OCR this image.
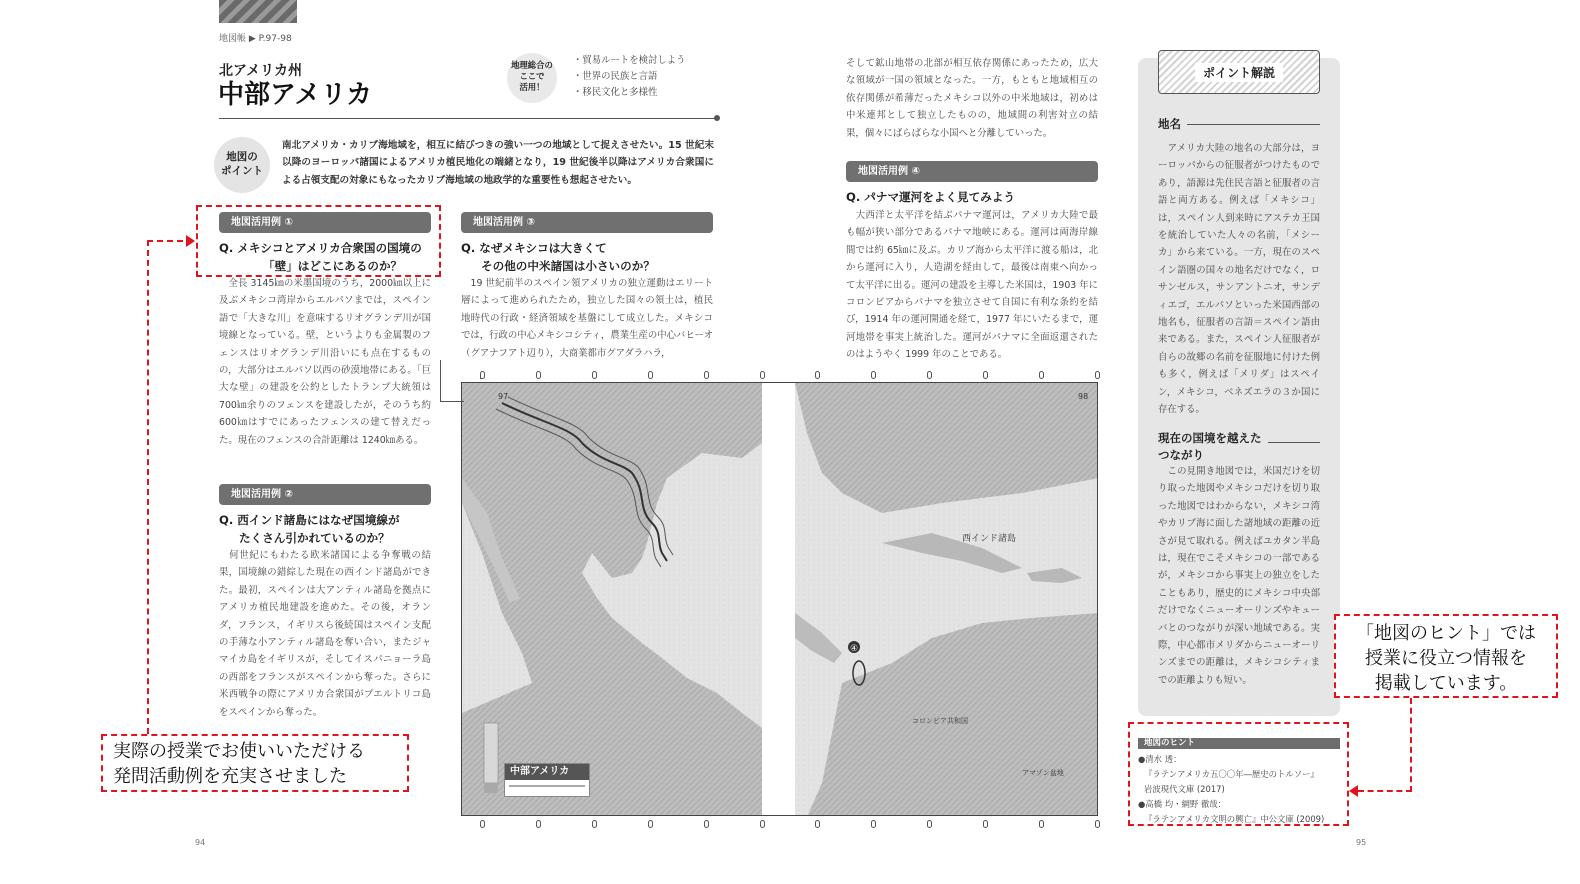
地図帳 ▶ P.97-98
北アメリカ州
中部アメリカ
地理総合の
ここで
活用！
・貿易ルートを検討しよう
・世界の民族と言語
・移民文化と多様性
地図の
ポイント
南北アメリカ・カリブ海地域を，相互に結びつきの強い一つの地域として捉えさせたい。15 世紀末以降のヨーロッパ諸国によるアメリカ植民地化の端緒となり，19 世紀後半以降はアメリカ合衆国による占領支配の対象にもなったカリブ海地域の地政学的な重要性も想起させたい。
地図活用例 ①
Q. メキシコとアメリカ合衆国の国境の
「壁」はどこにあるのか？
　全長 3145㎞の米墨国境のうち，2000㎞以上に及ぶメキシコ湾岸からエルパソまでは，スペイン語で「大きな川」を意味するリオグランデ川が国境線となっている。壁，というよりも金属製のフェンスはリオグランデ川沿いにも点在するものの，大部分はエルパソ以西の砂漠地帯にある。「巨大な壁」の建設を公約としたトランプ大統領は 700㎞余りのフェンスを建設したが，そのうち約 600㎞はすでにあったフェンスの建て替えだった。現在のフェンスの合計距離は 1240㎞ある。
地図活用例 ②
Q. 西インド諸島にはなぜ国境線が
たくさん引かれているのか？
　何世紀にもわたる欧米諸国による争奪戦の結果，国境線の錯綜した現在の西インド諸島ができた。最初，スペインは大アンティル諸島を拠点にアメリカ植民地建設を進めた。その後，オランダ，フランス，イギリスら後続国はスペイン支配の手薄な小アンティル諸島を奪い合い，またジャマイカ島をイギリスが，そしてイスパニョーラ島の西部をフランスがスペインから奪った。さらに米西戦争の際にアメリカ合衆国がプエルトリコ島をスペインから奪った。
地図活用例 ③
Q. なぜメキシコは大きくて
その他の中米諸国は小さいのか？
　19 世紀前半のスペイン領アメリカの独立運動はエリート層によって進められたため，独立した国々の領土は，植民地時代の行政・経済領域を基盤にして成立した。メキシコでは，行政の中心メキシコシティ，農業生産の中心バヒーオ（グアナフアト辺り），大商業都市グアダラハラ，
そして鉱山地帯の北部が相互依存関係にあったため，広大な領域が一国の領域となった。一方，もともと地域相互の依存関係が希薄だったメキシコ以外の中米地域は，初めは中米連邦として独立したものの，地域間の利害対立の結果，個々にばらばらな小国へと分離していった。
地図活用例 ④
Q. パナマ運河をよく見てみよう
　大西洋と太平洋を結ぶパナマ運河は，アメリカ大陸で最も幅が狭い部分であるパナマ地峡にある。運河は両海岸線間では約 65㎞に及ぶ。カリブ海から太平洋に渡る船は，北から運河に入り，人造湖を経由して，最後は南東へ向かって太平洋に出る。運河の建設を主導した米国は，1903 年にコロンビアからパナマを独立させて自国に有利な条約を結び，1914 年の運河開通を経て，1977 年にいたるまで，運河地帯を事実上統治した。運河がパナマに全面返還されたのはようやく 1999 年のことである。
④
97	98
西インド諸島
コロンビア共和国
アマゾン盆地
中部アメリカ
ポイント解説
地名
　アメリカ大陸の地名の大部分は，ヨーロッパからの征服者がつけたものであり，語源は先住民言語と征服者の言語と両方ある。例えば「メキシコ」は，スペイン人到来時にアステカ王国を統治していた人々の名前，「メシーカ」から来ている。一方，現在のスペイン語圏の国々の地名だけでなく，ロサンゼルス，サンアントニオ，サンディエゴ，エルパソといった米国西部の地名も，征服者の言語＝スペイン語由来である。また，スペイン人征服者が自らの故郷の名前を征服地に付けた例も多く，例えば「メリダ」はスペイン，メキシコ，ベネズエラの３か国に存在する。
現在の国境を越えた
つながり
　この見開き地図では，米国だけを切り取った地図やメキシコだけを切り取った地図ではわからない，メキシコ湾やカリブ海に面した諸地域の距離の近さが見て取れる。例えばユカタン半島は，現在でこそメキシコの一部であるが，メキシコから事実上の独立をしたこともあり，歴史的にメキシコ中央部だけでなくニューオーリンズやキューバとのつながりが深い地域である。実際，中心都市メリダからニューオーリンズまでの距離は，メキシコシティまでの距離よりも短い。
地図のヒント
●清水 透：
『ラテンアメリカ五〇〇年―歴史のトルソー』
岩波現代文庫 (2017)
●高橋 均・網野 徹哉：
『ラテンアメリカ文明の興亡』中公文庫 (2009)
94	95
実際の授業でお使いいただける
発問活動例を充実させました
「地図のヒント」では
授業に役立つ情報を
掲載しています。
